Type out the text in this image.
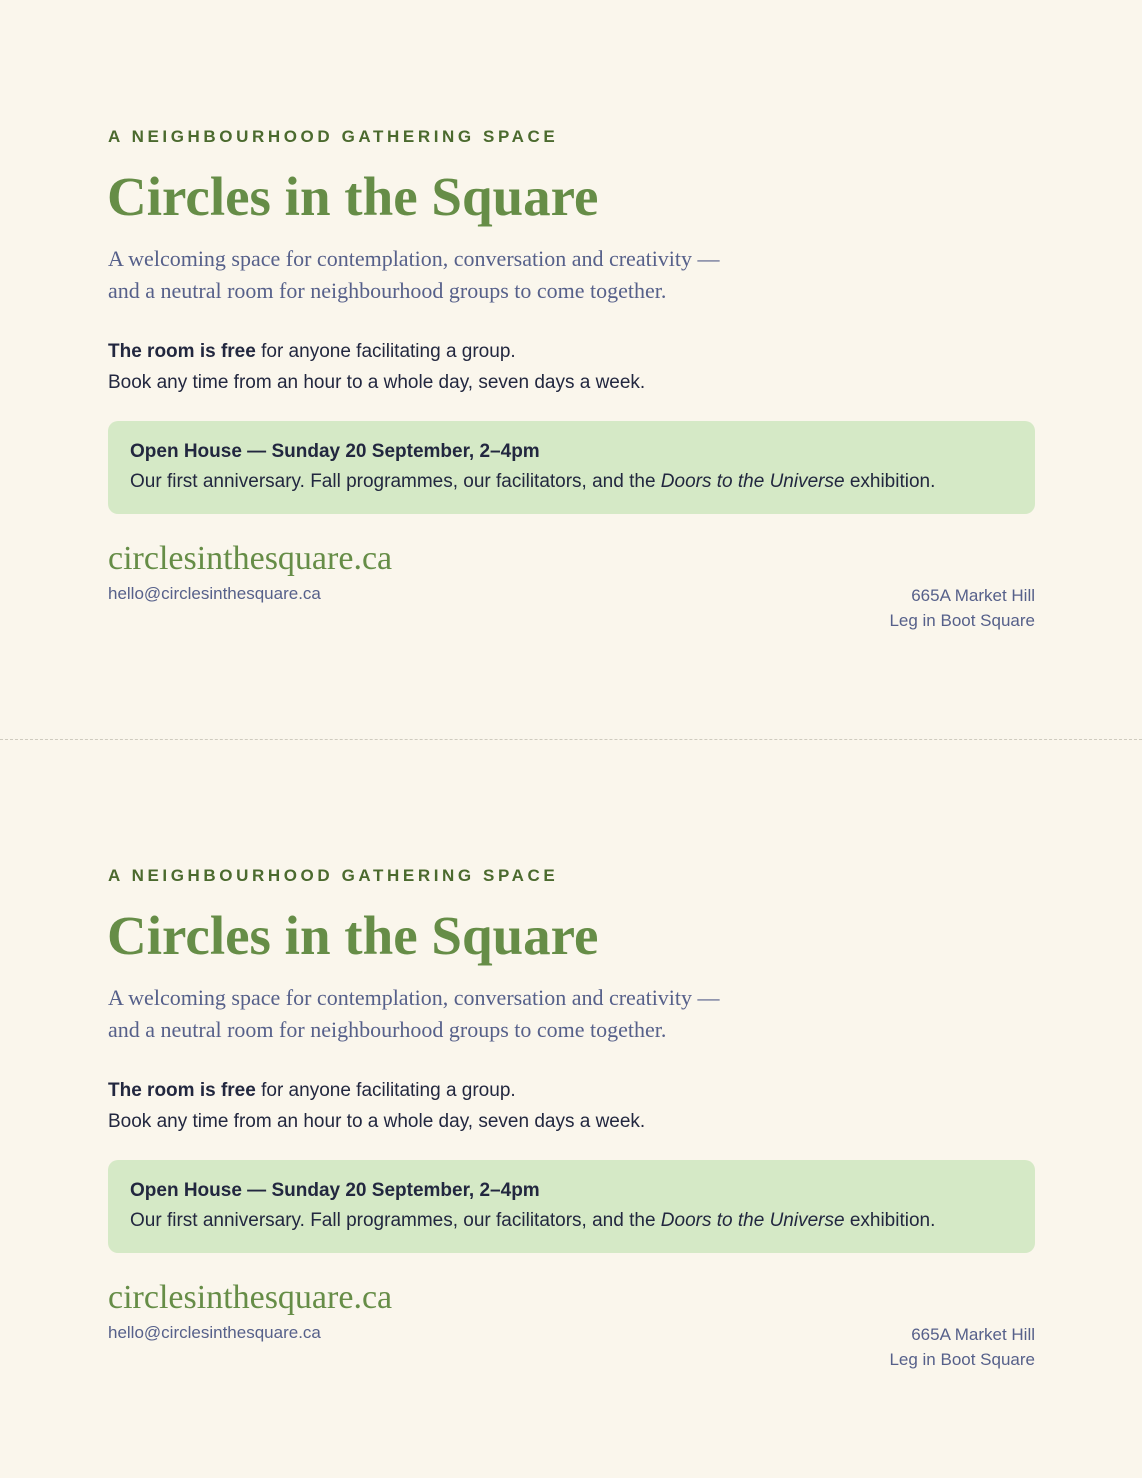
A NEIGHBOURHOOD GATHERING SPACE

Circles in the Square

A welcoming space for contemplation, conversation and creativity —
and a neutral room for neighbourhood groups to come together.

The room is free for anyone facilitating a group.
Book any time from an hour to a whole day, seven days a week.

Open House — Sunday 20 September, 2–4pm
Our first anniversary. Fall programmes, our facilitators, and the Doors to the Universe exhibition.

circlesinthesquare.ca

hello@circlesinthesquare.ca	665A Market Hill
Leg in Boot Square

A NEIGHBOURHOOD GATHERING SPACE

Circles in the Square

A welcoming space for contemplation, conversation and creativity —
and a neutral room for neighbourhood groups to come together.

The room is free for anyone facilitating a group.
Book any time from an hour to a whole day, seven days a week.

Open House — Sunday 20 September, 2–4pm
Our first anniversary. Fall programmes, our facilitators, and the Doors to the Universe exhibition.

circlesinthesquare.ca

hello@circlesinthesquare.ca	665A Market Hill
Leg in Boot Square
